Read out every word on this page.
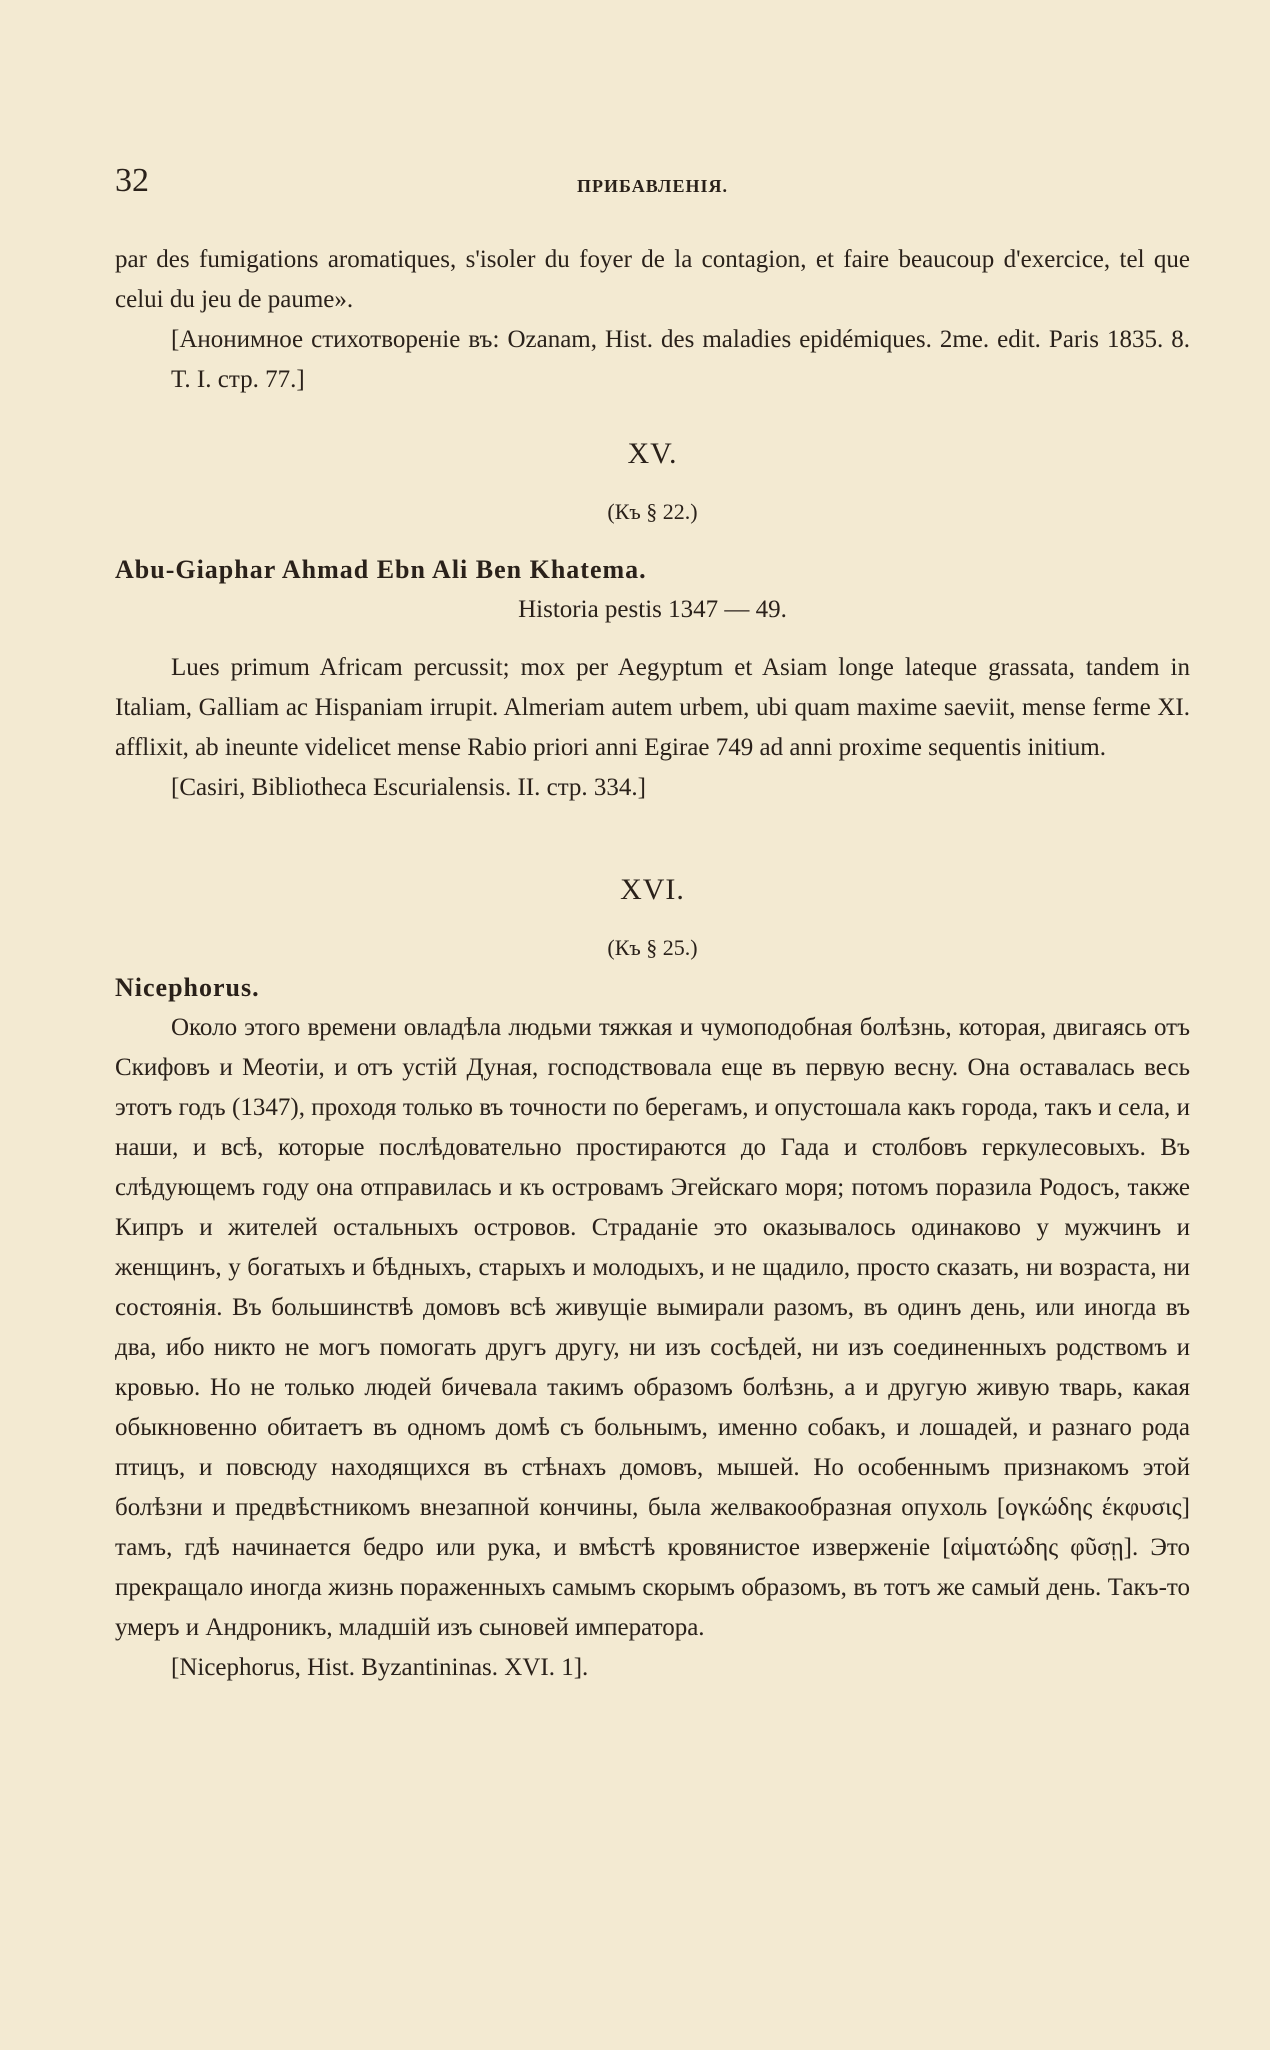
32	ПРИБАВЛЕНІЯ.

par des fumigations aromatiques, s'isoler du foyer de la contagion, et faire beaucoup d'exercice, tel que celui du jeu de paume».

[Анонимное стихотвореніе въ: Ozanam, Hist. des maladies epidémiques. 2me. edit. Paris 1835. 8. T. I. стр. 77.]

XV.

(Къ § 22.)

Abu-Giaphar Ahmad Ebn Ali Ben Khatema.

Historia pestis 1347 — 49.

Lues primum Africam percussit; mox per Aegyptum et Asiam longe lateque grassata, tandem in Italiam, Galliam ac Hispaniam irrupit. Almeriam autem urbem, ubi quam maxime saeviit, mense ferme XI. afflixit, ab ineunte videlicet mense Rabio priori anni Egirae 749 ad anni proxime sequentis initium.

[Casiri, Bibliotheca Escurialensis. II. стр. 334.]

XVI.

(Къ § 25.)

Nicephorus.

Около этого времени овладѣла людьми тяжкая и чумоподобная болѣзнь, которая, двигаясь отъ Скифовъ и Меотіи, и отъ устій Дуная, господствовала еще въ первую весну. Она оставалась весь этотъ годъ (1347), проходя только въ точности по берегамъ, и опустошала какъ города, такъ и села, и наши, и всѣ, которые послѣдовательно простираются до Гада и столбовъ геркулесовыхъ. Въ слѣдующемъ году она отправилась и къ островамъ Эгейскаго моря; потомъ поразила Родосъ, также Кипръ и жителей остальныхъ островов. Страданіе это оказывалось одинаково у мужчинъ и женщинъ, у богатыхъ и бѣдныхъ, старыхъ и молодыхъ, и не щадило, просто сказать, ни возраста, ни состоянія. Въ большинствѣ домовъ всѣ живущіе вымирали разомъ, въ одинъ день, или иногда въ два, ибо никто не могъ помогать другъ другу, ни изъ сосѣдей, ни изъ соединенныхъ родствомъ и кровью. Но не только людей бичевала такимъ образомъ болѣзнь, а и другую живую тварь, какая обыкновенно обитаетъ въ одномъ домѣ съ больнымъ, именно собакъ, и лошадей, и разнаго рода птицъ, и повсюду находящихся въ стѣнахъ домовъ, мышей. Но особеннымъ признакомъ этой болѣзни и предвѣстникомъ внезапной кончины, была желвакообразная опухоль [ογκώδης έκφυσις] тамъ, гдѣ начинается бедро или рука, и вмѣстѣ кровянистое изверженіе [αἱματώδης φῦσῃ]. Это прекращало иногда жизнь пораженныхъ самымъ скорымъ образомъ, въ тотъ же самый день. Такъ-то умеръ и Андроникъ, младшій изъ сыновей императора.

[Nicephorus, Hist. Byzantininas. XVI. 1].
